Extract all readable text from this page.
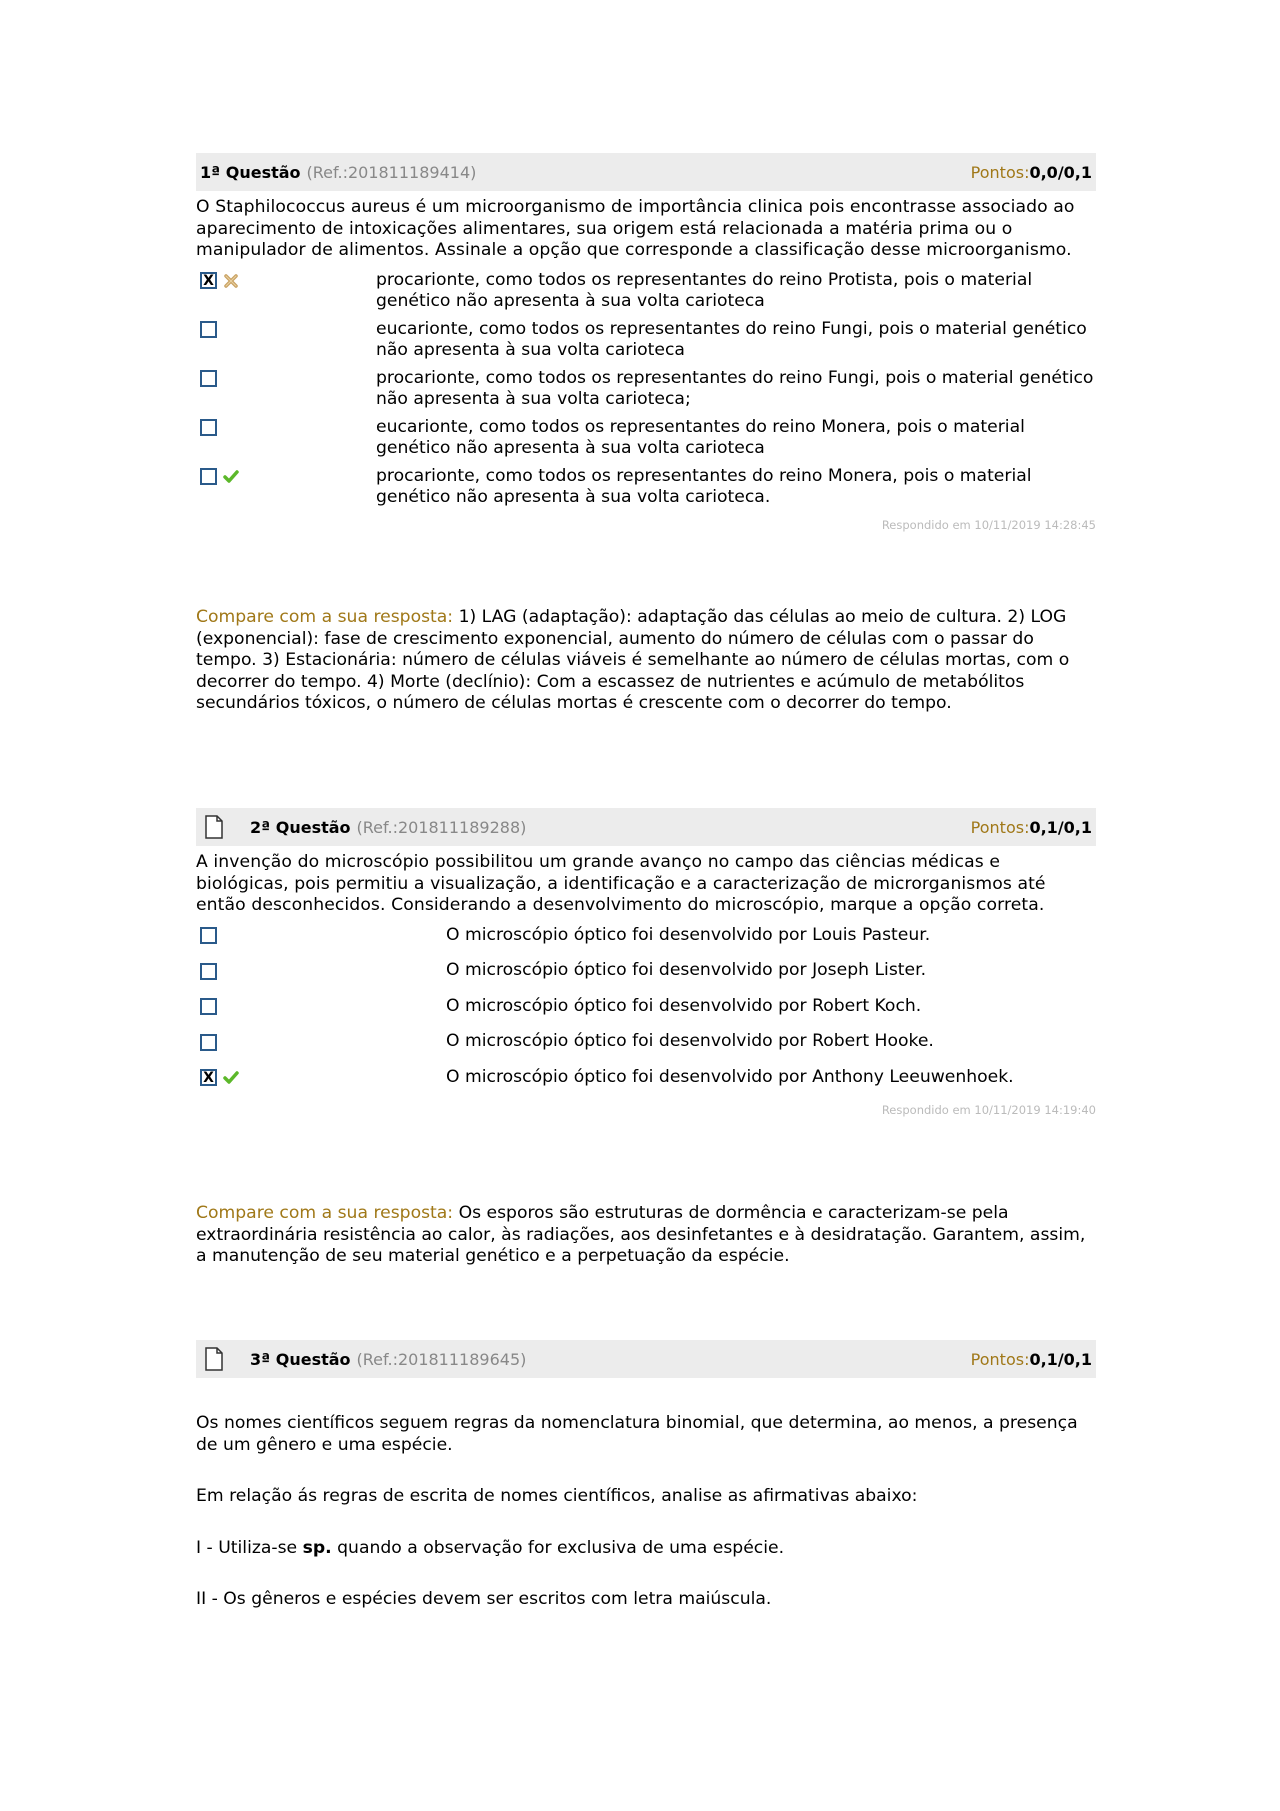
1ª Questão (Ref.:201811189414)	Pontos:0,0/0,1

O Staphilococcus aureus é um microorganismo de importância clinica pois encontrasse associado ao aparecimento de intoxicações alimentares, sua origem está relacionada a matéria prima ou o manipulador de alimentos. Assinale a opção que corresponde a classificação desse microorganismo.

X	procarionte, como todos os representantes do reino Protista, pois o material genético não apresenta à sua volta carioteca

	eucarionte, como todos os representantes do reino Fungi, pois o material genético não apresenta à sua volta carioteca

	procarionte, como todos os representantes do reino Fungi, pois o material genético não apresenta à sua volta carioteca;

	eucarionte, como todos os representantes do reino Monera, pois o material genético não apresenta à sua volta carioteca

	procarionte, como todos os representantes do reino Monera, pois o material genético não apresenta à sua volta carioteca.
Respondido em 10/11/2019 14:28:45

Compare com a sua resposta: 1) LAG (adaptação): adaptação das células ao meio de cultura. 2) LOG (exponencial): fase de crescimento exponencial, aumento do número de células com o passar do tempo. 3) Estacionária: número de células viáveis é semelhante ao número de células mortas, com o decorrer do tempo. 4) Morte (declínio): Com a escassez de nutrientes e acúmulo de metabólitos secundários tóxicos, o número de células mortas é crescente com o decorrer do tempo.

2ª Questão (Ref.:201811189288)	Pontos:0,1/0,1

A invenção do microscópio possibilitou um grande avanço no campo das ciências médicas e biológicas, pois permitiu a visualização, a identificação e a caracterização de microrganismos até então desconhecidos. Considerando a desenvolvimento do microscópio, marque a opção correta.

	O microscópio óptico foi desenvolvido por Louis Pasteur.

	O microscópio óptico foi desenvolvido por Joseph Lister.

	O microscópio óptico foi desenvolvido por Robert Koch.

	O microscópio óptico foi desenvolvido por Robert Hooke.

X	O microscópio óptico foi desenvolvido por Anthony Leeuwenhoek.
Respondido em 10/11/2019 14:19:40

Compare com a sua resposta: Os esporos são estruturas de dormência e caracterizam-se pela extraordinária resistência ao calor, às radiações, aos desinfetantes e à desidratação. Garantem, assim, a manutenção de seu material genético e a perpetuação da espécie.

3ª Questão (Ref.:201811189645)	Pontos:0,1/0,1

Os nomes científicos seguem regras da nomenclatura binomial, que determina, ao menos, a presença de um gênero e uma espécie.

Em relação ás regras de escrita de nomes científicos, analise as afirmativas abaixo:

I - Utiliza-se sp. quando a observação for exclusiva de uma espécie.

II - Os gêneros e espécies devem ser escritos com letra maiúscula.
